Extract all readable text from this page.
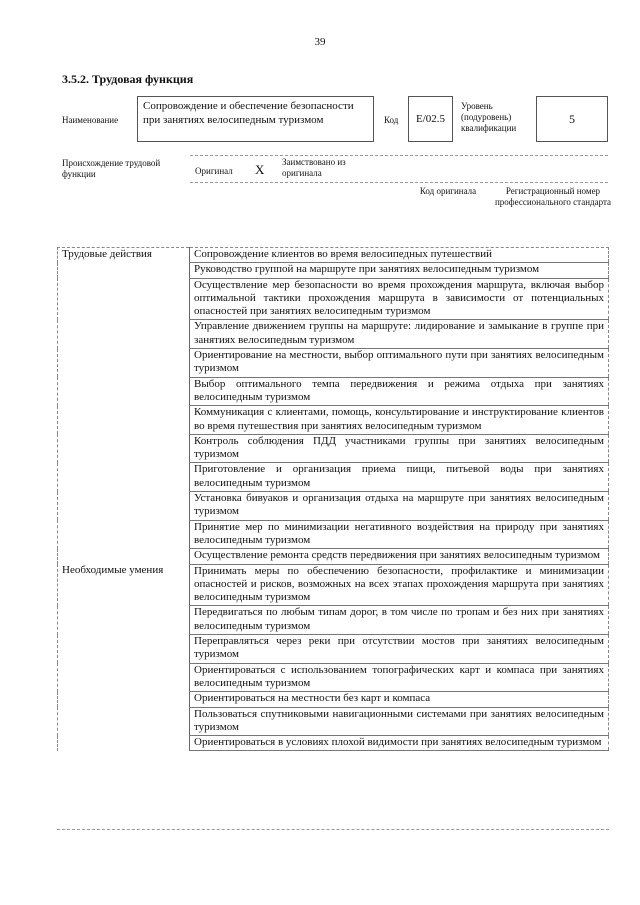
39
3.5.2. Трудовая функция
Наименование
Сопровождение и обеспечение безопасности при занятиях велосипедным туризмом	Код	E/02.5
Уровень (подуровень) квалификации
5
Происхождение трудовой функции	Оригинал X Заимствовано из оригинала
Код оригинала	Регистрационный номер профессионального стандарта
Трудовые действия	Сопровождение клиентов во время велосипедных путешествий
	Руководство группой на маршруте при занятиях велосипедным туризмом
	Осуществление мер безопасности во время прохождения маршрута, включая выбор оптимальной тактики прохождения маршрута в зависимости от потенциальных опасностей при занятиях велосипедным туризмом
	Управление движением группы на маршруте: лидирование и замыкание в группе при занятиях велосипедным туризмом
	Ориентирование на местности, выбор оптимального пути при занятиях велосипедным туризмом
	Выбор оптимального темпа передвижения и режима отдыха при занятиях велосипедным туризмом
	Коммуникация с клиентами, помощь, консультирование и инструктирование клиентов во время путешествия при занятиях велосипедным туризмом
	Контроль соблюдения ПДД участниками группы при занятиях велосипедным туризмом
	Приготовление и организация приема пищи, питьевой воды при занятиях велосипедным туризмом
	Установка бивуаков и организация отдыха на маршруте при занятиях велосипедным туризмом
	Принятие мер по минимизации негативного воздействия на природу при занятиях велосипедным туризмом
	Осуществление ремонта средств передвижения при занятиях велосипедным туризмом
Необходимые умения	Принимать меры по обеспечению безопасности, профилактике и минимизации опасностей и рисков, возможных на всех этапах прохождения маршрута при занятиях велосипедным туризмом
	Передвигаться по любым типам дорог, в том числе по тропам и без них при занятиях велосипедным туризмом
	Переправляться через реки при отсутствии мостов при занятиях велосипедным туризмом
	Ориентироваться с использованием топографических карт и компаса при занятиях велосипедным туризмом
	Ориентироваться на местности без карт и компаса
	Пользоваться спутниковыми навигационными системами при занятиях велосипедным туризмом
	Ориентироваться в условиях плохой видимости при занятиях велосипедным туризмом
